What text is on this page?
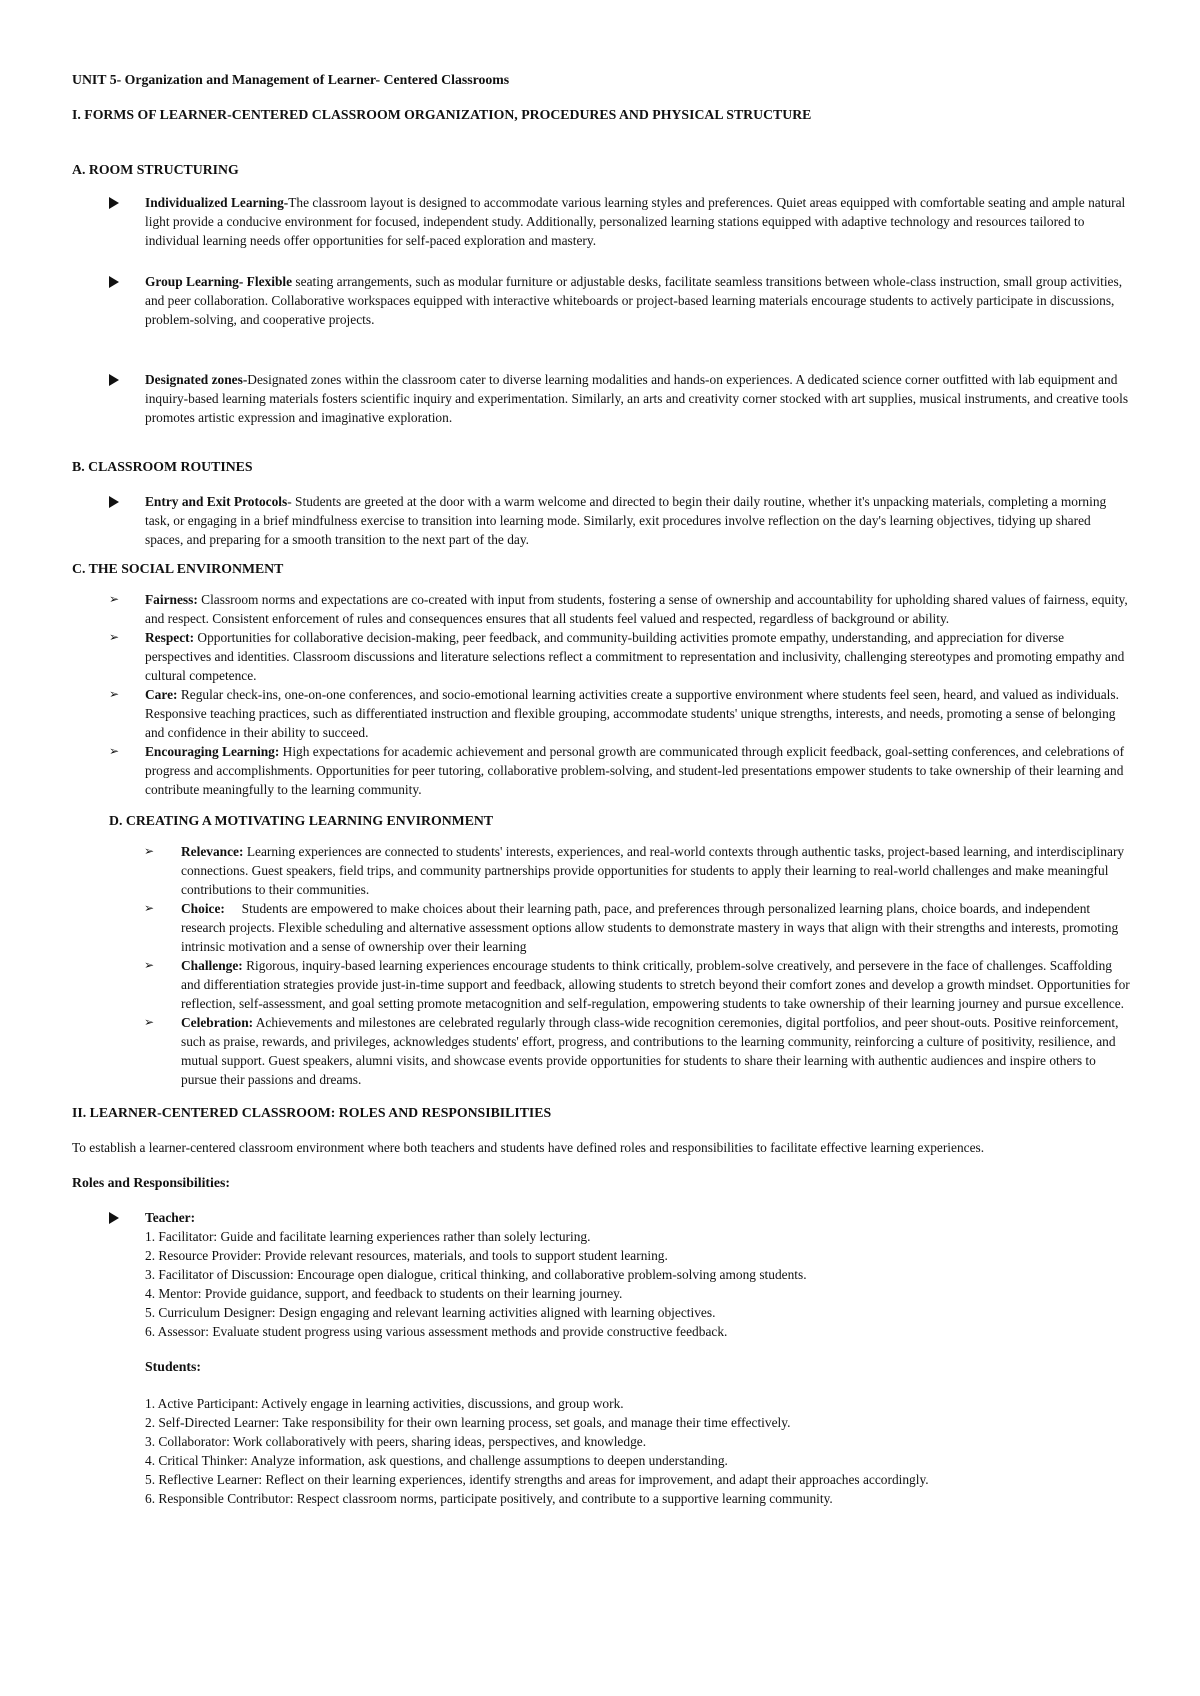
UNIT 5- Organization and Management of Learner- Centered Classrooms

I. FORMS OF LEARNER-CENTERED CLASSROOM ORGANIZATION, PROCEDURES AND PHYSICAL STRUCTURE

A. ROOM STRUCTURING

Individualized Learning-The classroom layout is designed to accommodate various learning styles and preferences. Quiet areas equipped with comfortable seating and ample natural light provide a conducive environment for focused, independent study. Additionally, personalized learning stations equipped with adaptive technology and resources tailored to individual learning needs offer opportunities for self-paced exploration and mastery.
Group Learning- Flexible seating arrangements, such as modular furniture or adjustable desks, facilitate seamless transitions between whole-class instruction, small group activities, and peer collaboration. Collaborative workspaces equipped with interactive whiteboards or project-based learning materials encourage students to actively participate in discussions, problem-solving, and cooperative projects.
Designated zones-Designated zones within the classroom cater to diverse learning modalities and hands-on experiences. A dedicated science corner outfitted with lab equipment and inquiry-based learning materials fosters scientific inquiry and experimentation. Similarly, an arts and creativity corner stocked with art supplies, musical instruments, and creative tools promotes artistic expression and imaginative exploration.

B. CLASSROOM ROUTINES

Entry and Exit Protocols- Students are greeted at the door with a warm welcome and directed to begin their daily routine, whether it's unpacking materials, completing a morning task, or engaging in a brief mindfulness exercise to transition into learning mode. Similarly, exit procedures involve reflection on the day's learning objectives, tidying up shared spaces, and preparing for a smooth transition to the next part of the day.

C. THE SOCIAL ENVIRONMENT

➢ Fairness: Classroom norms and expectations are co-created with input from students, fostering a sense of ownership and accountability for upholding shared values of fairness, equity, and respect. Consistent enforcement of rules and consequences ensures that all students feel valued and respected, regardless of background or ability.
➢ Respect: Opportunities for collaborative decision-making, peer feedback, and community-building activities promote empathy, understanding, and appreciation for diverse perspectives and identities. Classroom discussions and literature selections reflect a commitment to representation and inclusivity, challenging stereotypes and promoting empathy and cultural competence.
➢ Care: Regular check-ins, one-on-one conferences, and socio-emotional learning activities create a supportive environment where students feel seen, heard, and valued as individuals. Responsive teaching practices, such as differentiated instruction and flexible grouping, accommodate students' unique strengths, interests, and needs, promoting a sense of belonging and confidence in their ability to succeed.
➢ Encouraging Learning: High expectations for academic achievement and personal growth are communicated through explicit feedback, goal-setting conferences, and celebrations of progress and accomplishments. Opportunities for peer tutoring, collaborative problem-solving, and student-led presentations empower students to take ownership of their learning and contribute meaningfully to the learning community.

D. CREATING A MOTIVATING LEARNING ENVIRONMENT

➢ Relevance: Learning experiences are connected to students' interests, experiences, and real-world contexts through authentic tasks, project-based learning, and interdisciplinary connections. Guest speakers, field trips, and community partnerships provide opportunities for students to apply their learning to real-world challenges and make meaningful contributions to their communities.
➢ Choice:     Students are empowered to make choices about their learning path, pace, and preferences through personalized learning plans, choice boards, and independent research projects. Flexible scheduling and alternative assessment options allow students to demonstrate mastery in ways that align with their strengths and interests, promoting intrinsic motivation and a sense of ownership over their learning
➢ Challenge: Rigorous, inquiry-based learning experiences encourage students to think critically, problem-solve creatively, and persevere in the face of challenges. Scaffolding and differentiation strategies provide just-in-time support and feedback, allowing students to stretch beyond their comfort zones and develop a growth mindset. Opportunities for reflection, self-assessment, and goal setting promote metacognition and self-regulation, empowering students to take ownership of their learning journey and pursue excellence.
➢ Celebration: Achievements and milestones are celebrated regularly through class-wide recognition ceremonies, digital portfolios, and peer shout-outs. Positive reinforcement, such as praise, rewards, and privileges, acknowledges students' effort, progress, and contributions to the learning community, reinforcing a culture of positivity, resilience, and mutual support. Guest speakers, alumni visits, and showcase events provide opportunities for students to share their learning with authentic audiences and inspire others to pursue their passions and dreams.

II. LEARNER-CENTERED CLASSROOM: ROLES AND RESPONSIBILITIES

To establish a learner-centered classroom environment where both teachers and students have defined roles and responsibilities to facilitate effective learning experiences.

Roles and Responsibilities:

Teacher:

1. Facilitator: Guide and facilitate learning experiences rather than solely lecturing.

2. Resource Provider: Provide relevant resources, materials, and tools to support student learning.

3. Facilitator of Discussion: Encourage open dialogue, critical thinking, and collaborative problem-solving among students.

4. Mentor: Provide guidance, support, and feedback to students on their learning journey.

5. Curriculum Designer: Design engaging and relevant learning activities aligned with learning objectives.

6. Assessor: Evaluate student progress using various assessment methods and provide constructive feedback.

Students:

1. Active Participant: Actively engage in learning activities, discussions, and group work.

2. Self-Directed Learner: Take responsibility for their own learning process, set goals, and manage their time effectively.

3. Collaborator: Work collaboratively with peers, sharing ideas, perspectives, and knowledge.

4. Critical Thinker: Analyze information, ask questions, and challenge assumptions to deepen understanding.

5. Reflective Learner: Reflect on their learning experiences, identify strengths and areas for improvement, and adapt their approaches accordingly.

6. Responsible Contributor: Respect classroom norms, participate positively, and contribute to a supportive learning community.
